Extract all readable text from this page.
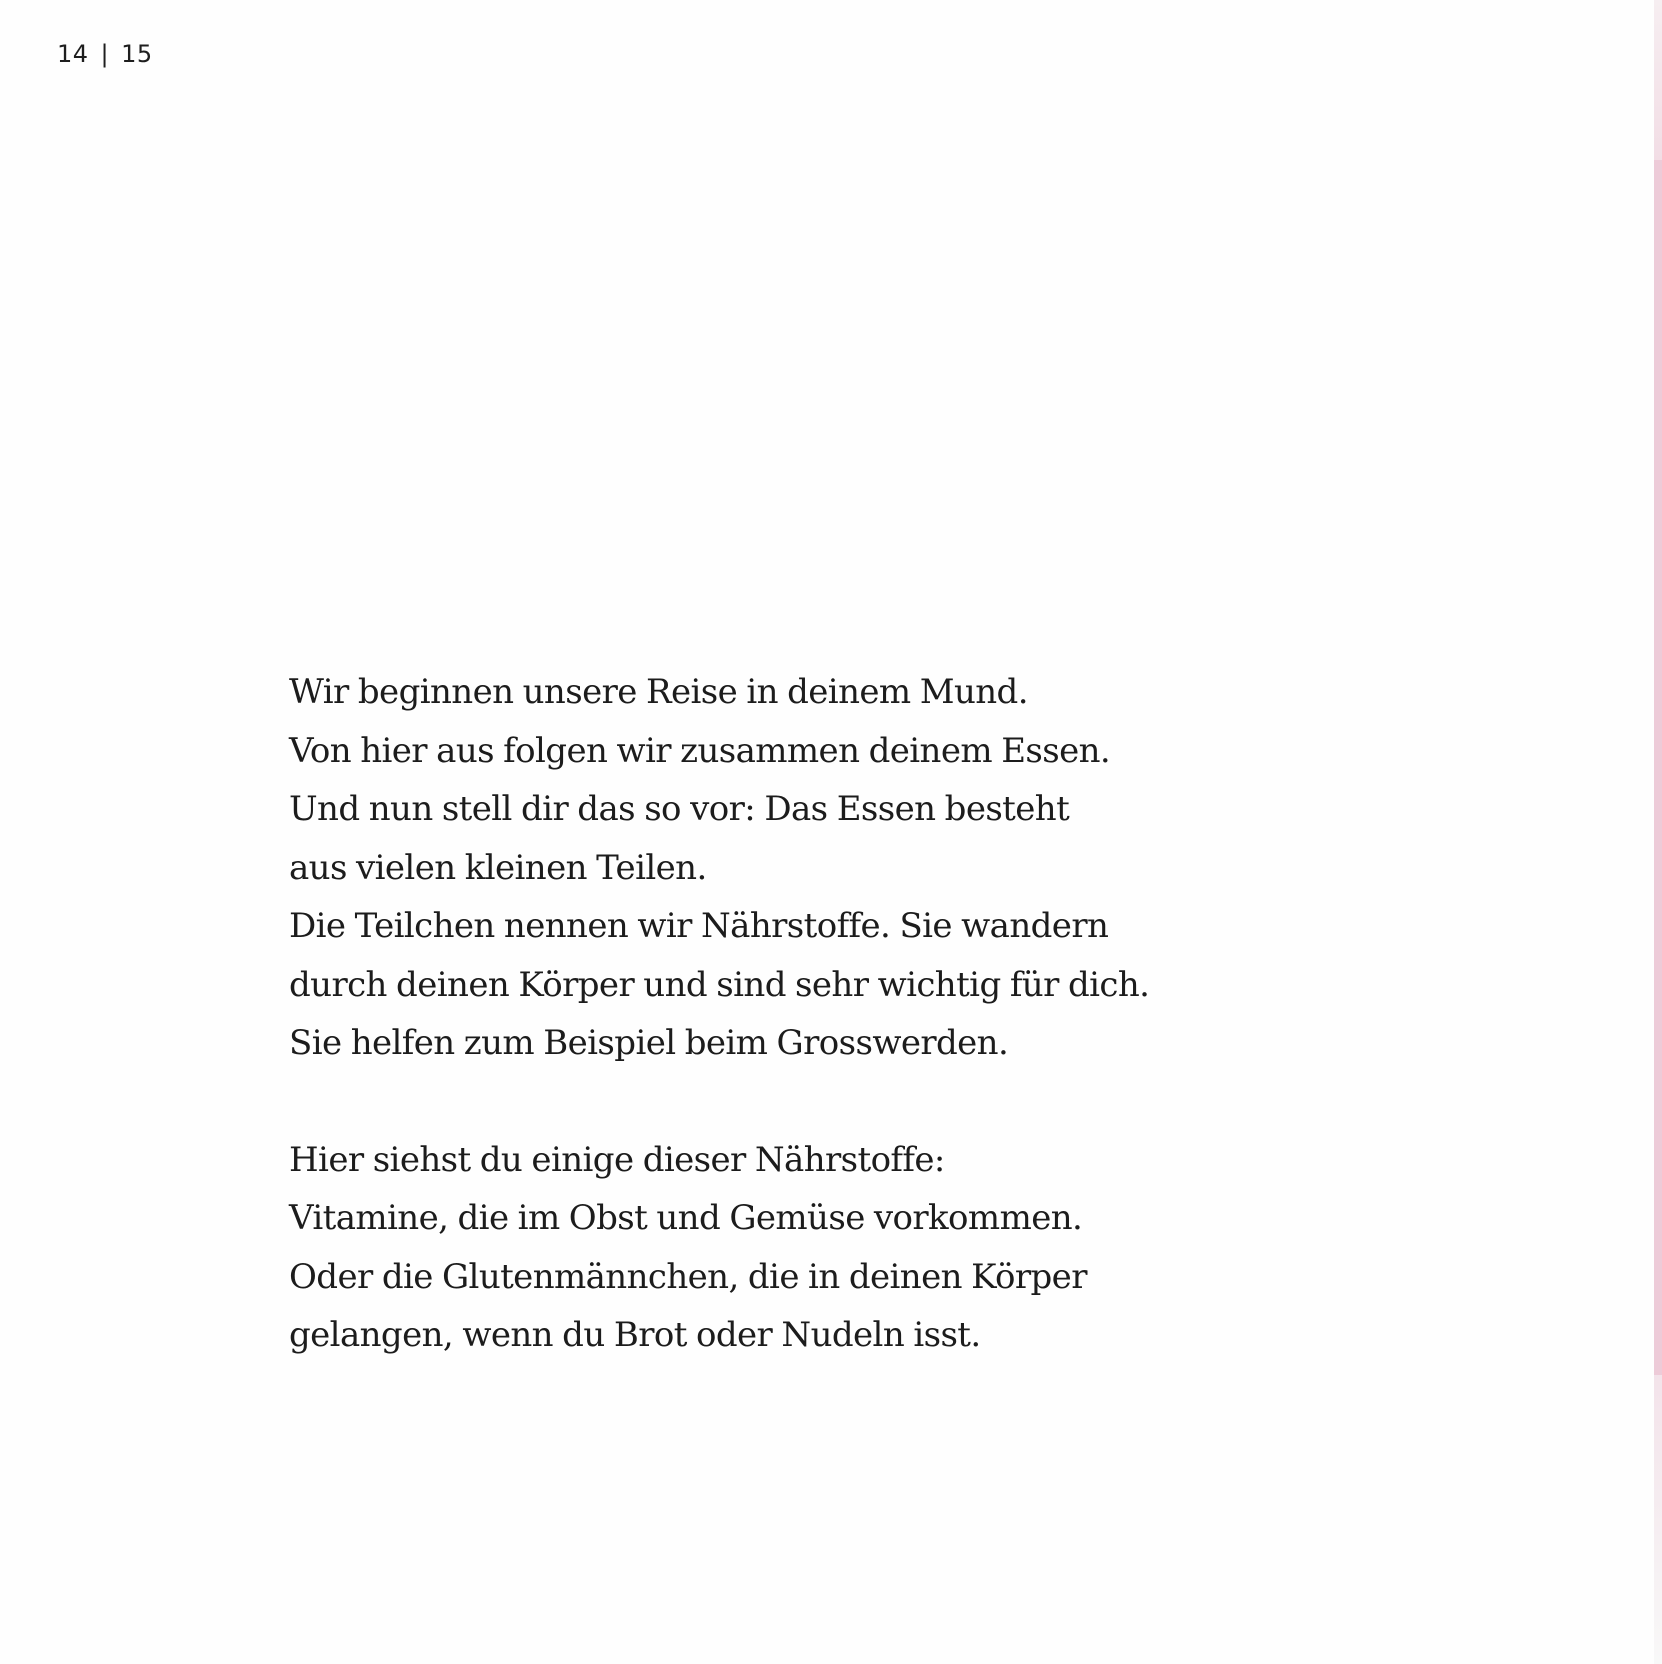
14 | 15

Wir beginnen unsere Reise in deinem Mund.
Von hier aus folgen wir zusammen deinem Essen.
Und nun stell dir das so vor: Das Essen besteht
aus vielen kleinen Teilen.
Die Teilchen nennen wir Nährstoffe. Sie wandern
durch deinen Körper und sind sehr wichtig für dich.
Sie helfen zum Beispiel beim Grosswerden.

Hier siehst du einige dieser Nährstoffe:
Vitamine, die im Obst und Gemüse vorkommen.
Oder die Glutenmännchen, die in deinen Körper
gelangen, wenn du Brot oder Nudeln isst.
